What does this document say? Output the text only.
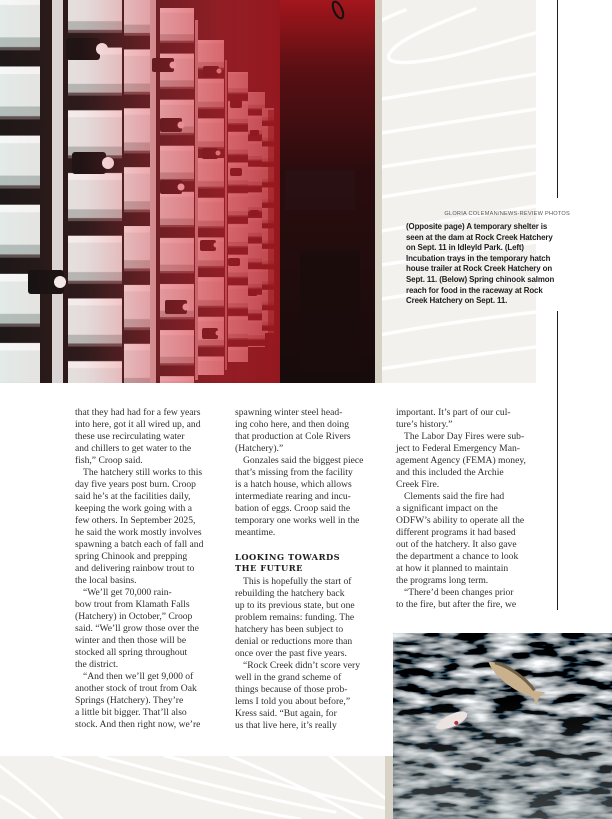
GLORIA COLEMAN/NEWS-REVIEW PHOTOS
(Opposite page) A temporary shelter is
seen at the dam at Rock Creek Hatchery
on Sept. 11 in Idleyld Park. (Left)
Incubation trays in the temporary hatch
house trailer at Rock Creek Hatchery on
Sept. 11. (Below) Spring chinook salmon
reach for food in the raceway at Rock
Creek Hatchery on Sept. 11.
that they had had for a few years
into here, got it all wired up, and
these use recirculating water
and chillers to get water to the
fish,” Croop said.
The hatchery still works to this
day five years post burn. Croop
said he’s at the facilities daily,
keeping the work going with a
few others. In September 2025,
he said the work mostly involves
spawning a batch each of fall and
spring Chinook and prepping
and delivering rainbow trout to
the local basins.
“We’ll get 70,000 rain-
bow trout from Klamath Falls
(Hatchery) in October,” Croop
said. “We’ll grow those over the
winter and then those will be
stocked all spring throughout
the district.
“And then we’ll get 9,000 of
another stock of trout from Oak
Springs (Hatchery). They’re
a little bit bigger. That’ll also
stock. And then right now, we’re
spawning winter steel head-
ing coho here, and then doing
that production at Cole Rivers
(Hatchery).”
Gonzales said the biggest piece
that’s missing from the facility
is a hatch house, which allows
intermediate rearing and incu-
bation of eggs. Croop said the
temporary one works well in the
meantime.
LOOKING TOWARDS
THE FUTURE
This is hopefully the start of
rebuilding the hatchery back
up to its previous state, but one
problem remains: funding. The
hatchery has been subject to
denial or reductions more than
once over the past five years.
“Rock Creek didn’t score very
well in the grand scheme of
things because of those prob-
lems I told you about before,”
Kress said. “But again, for
us that live here, it’s really
important. It’s part of our cul-
ture’s history.”
The Labor Day Fires were sub-
ject to Federal Emergency Man-
agement Agency (FEMA) money,
and this included the Archie
Creek Fire.
Clements said the fire had
a significant impact on the
ODFW’s ability to operate all the
different programs it had based
out of the hatchery. It also gave
the department a chance to look
at how it planned to maintain
the programs long term.
“There’d been changes prior
to the fire, but after the fire, we
